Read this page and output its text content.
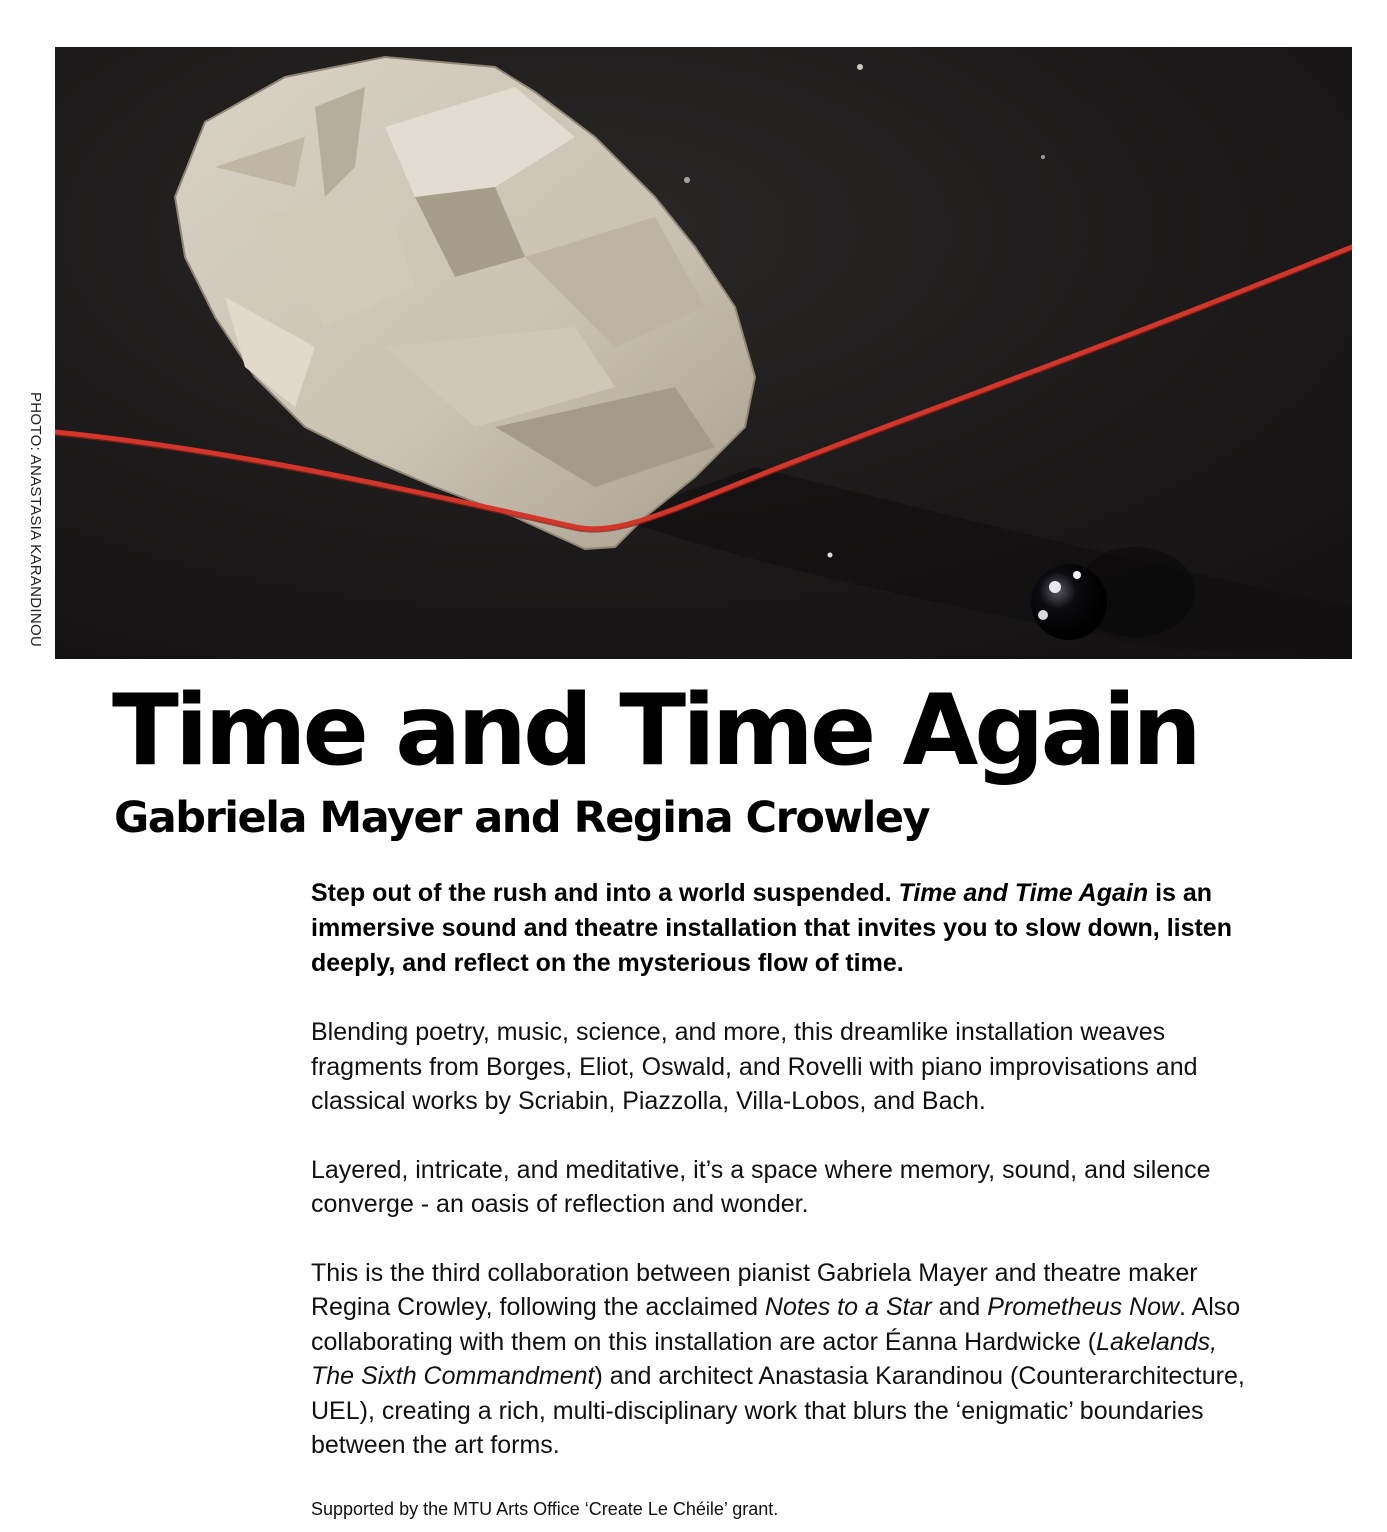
PHOTO: ANASTASIA KARANDINOU
Time and Time Again
Gabriela Mayer and Regina Crowley

Step out of the rush and into a world suspended. Time and Time Again is an immersive sound and theatre installation that invites you to slow down, listen deeply, and reflect on the mysterious flow of time.

Blending poetry, music, science, and more, this dreamlike installation weaves fragments from Borges, Eliot, Oswald, and Rovelli with piano improvisations and classical works by Scriabin, Piazzolla, Villa-Lobos, and Bach.

Layered, intricate, and meditative, it’s a space where memory, sound, and silence converge - an oasis of reflection and wonder.

This is the third collaboration between pianist Gabriela Mayer and theatre maker Regina Crowley, following the acclaimed Notes to a Star and Prometheus Now. Also collaborating with them on this installation are actor Éanna Hardwicke (Lakelands, The Sixth Commandment) and architect Anastasia Karandinou (Counterarchitecture, UEL), creating a rich, multi-disciplinary work that blurs the ‘enigmatic’ boundaries between the art forms.

Supported by the MTU Arts Office ‘Create Le Chéile’ grant.
